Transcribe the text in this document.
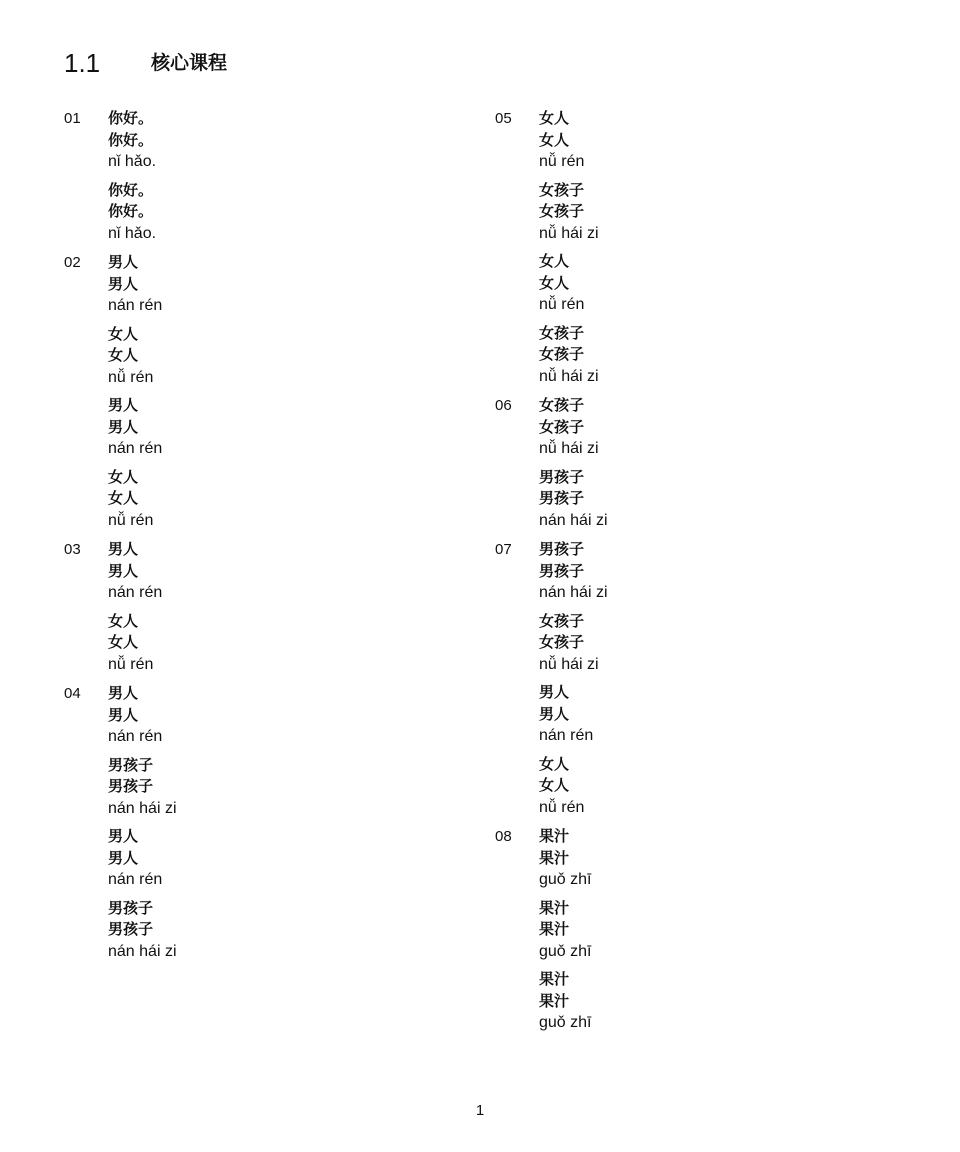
1.1	核心课程
01 你好。
你好。
nǐ hǎo.
你好。
你好。
nǐ hǎo.
02 男人
男人
nán rén
女人
女人
nǚ rén
男人
男人
nán rén
女人
女人
nǚ rén
03 男人
男人
nán rén
女人
女人
nǚ rén
04 男人
男人
nán rén
男孩子
男孩子
nán hái zi
男人
男人
nán rén
男孩子
男孩子
nán hái zi
05 女人
女人
nǚ rén
女孩子
女孩子
nǚ hái zi
女人
女人
nǚ rén
女孩子
女孩子
nǚ hái zi
06 女孩子
女孩子
nǚ hái zi
男孩子
男孩子
nán hái zi
07 男孩子
男孩子
nán hái zi
女孩子
女孩子
nǚ hái zi
男人
男人
nán rén
女人
女人
nǚ rén
08 果汁
果汁
guǒ zhī
果汁
果汁
guǒ zhī
果汁
果汁
guǒ zhī
1
